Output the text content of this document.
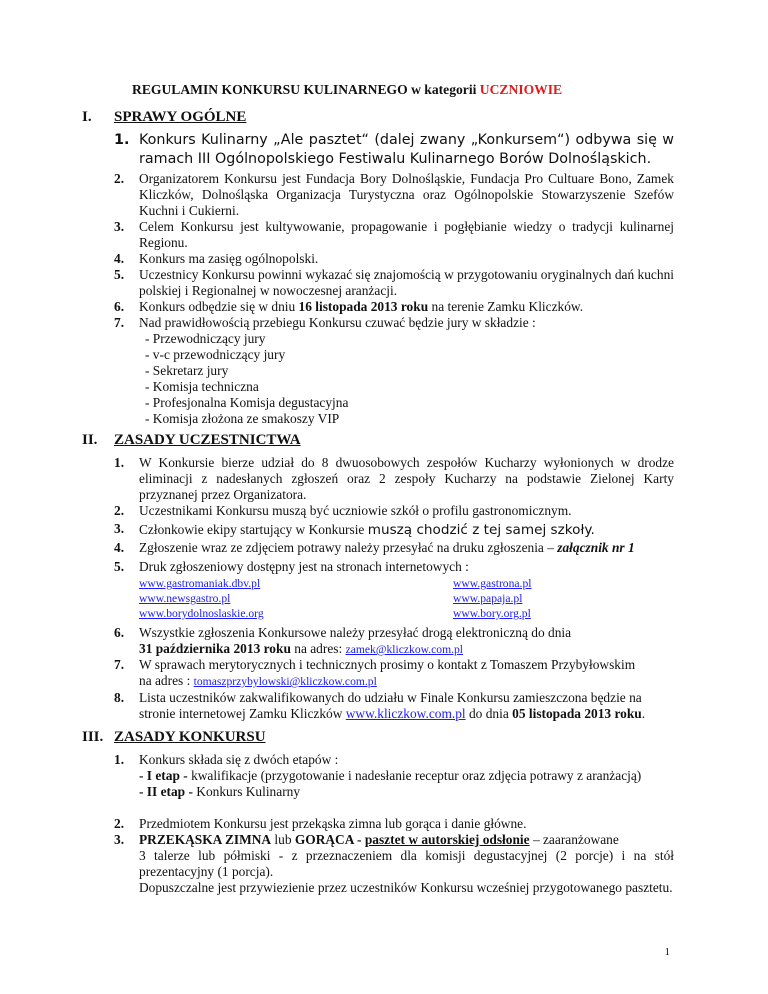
REGULAMIN KONKURSU KULINARNEGO w kategorii UCZNIOWIE
I. SPRAWY OGÓLNE
1. Konkurs Kulinarny „Ale pasztet“ (dalej zwany „Konkursem“) odbywa się w ramach III Ogólnopolskiego Festiwalu Kulinarnego Borów Dolnośląskich.
2. Organizatorem Konkursu jest Fundacja Bory Dolnośląskie, Fundacja Pro Cultuare Bono, Zamek Kliczków, Dolnośląska Organizacja Turystyczna oraz Ogólnopolskie Stowarzyszenie Szefów Kuchni i Cukierni.
3. Celem Konkursu jest kultywowanie, propagowanie i pogłębianie wiedzy o tradycji kulinarnej Regionu.
4. Konkurs ma zasięg ogólnopolski.
5. Uczestnicy Konkursu powinni wykazać się znajomością w przygotowaniu oryginalnych dań kuchni polskiej i Regionalnej w nowoczesnej aranżacji.
6. Konkurs odbędzie się w dniu 16 listopada 2013 roku na terenie Zamku Kliczków.
7. Nad prawidłowością przebiegu Konkursu czuwać będzie jury w składzie :
- Przewodniczący jury
- v-c przewodniczący jury
- Sekretarz jury
- Komisja techniczna
- Profesjonalna Komisja degustacyjna
- Komisja złożona ze smakoszy VIP
II. ZASADY UCZESTNICTWA
1. W Konkursie bierze udział do 8 dwuosobowych zespołów Kucharzy wyłonionych w drodze eliminacji z nadesłanych zgłoszeń oraz 2 zespoły Kucharzy na podstawie Zielonej Karty przyznanej przez Organizatora.
2. Uczestnikami Konkursu muszą być uczniowie szkół o profilu gastronomicznym.
3. Członkowie ekipy startujący w Konkursie muszą chodzić z tej samej szkoły.
4. Zgłoszenie wraz ze zdjęciem potrawy należy przesyłać na druku zgłoszenia – załącznik nr 1
5. Druk zgłoszeniowy dostępny jest na stronach internetowych :
www.gastromaniak.dbv.pl
www.newsgastro.pl
www.borydolnoslaskie.org
www.gastrona.pl
www.papaja.pl
www.bory.org.pl
6. Wszystkie zgłoszenia Konkursowe należy przesyłać drogą elektroniczną do dnia
31 października 2013 roku na adres: zamek@kliczkow.com.pl
7. W sprawach merytorycznych i technicznych prosimy o kontakt z Tomaszem Przybyłowskim
na adres : tomaszprzybylowski@kliczkow.com.pl
8. Lista uczestników zakwalifikowanych do udziału w Finale Konkursu zamieszczona będzie na
stronie internetowej Zamku Kliczków www.kliczkow.com.pl do dnia 05 listopada 2013 roku.
III. ZASADY KONKURSU
1. Konkurs składa się z dwóch etapów :
- I etap - kwalifikacje (przygotowanie i nadesłanie receptur oraz zdjęcia potrawy z aranżacją)
- II etap - Konkurs Kulinarny
2. Przedmiotem Konkursu jest przekąska zimna lub gorąca i danie główne.
3. PRZEKĄSKA ZIMNA lub GORĄCA - pasztet w autorskiej odsłonie – zaaranżowane
3 talerze lub półmiski - z przeznaczeniem dla komisji degustacyjnej (2 porcje) i na stół prezentacyjny (1 porcja).
Dopuszczalne jest przywiezienie przez uczestników Konkursu wcześniej przygotowanego pasztetu.
1
